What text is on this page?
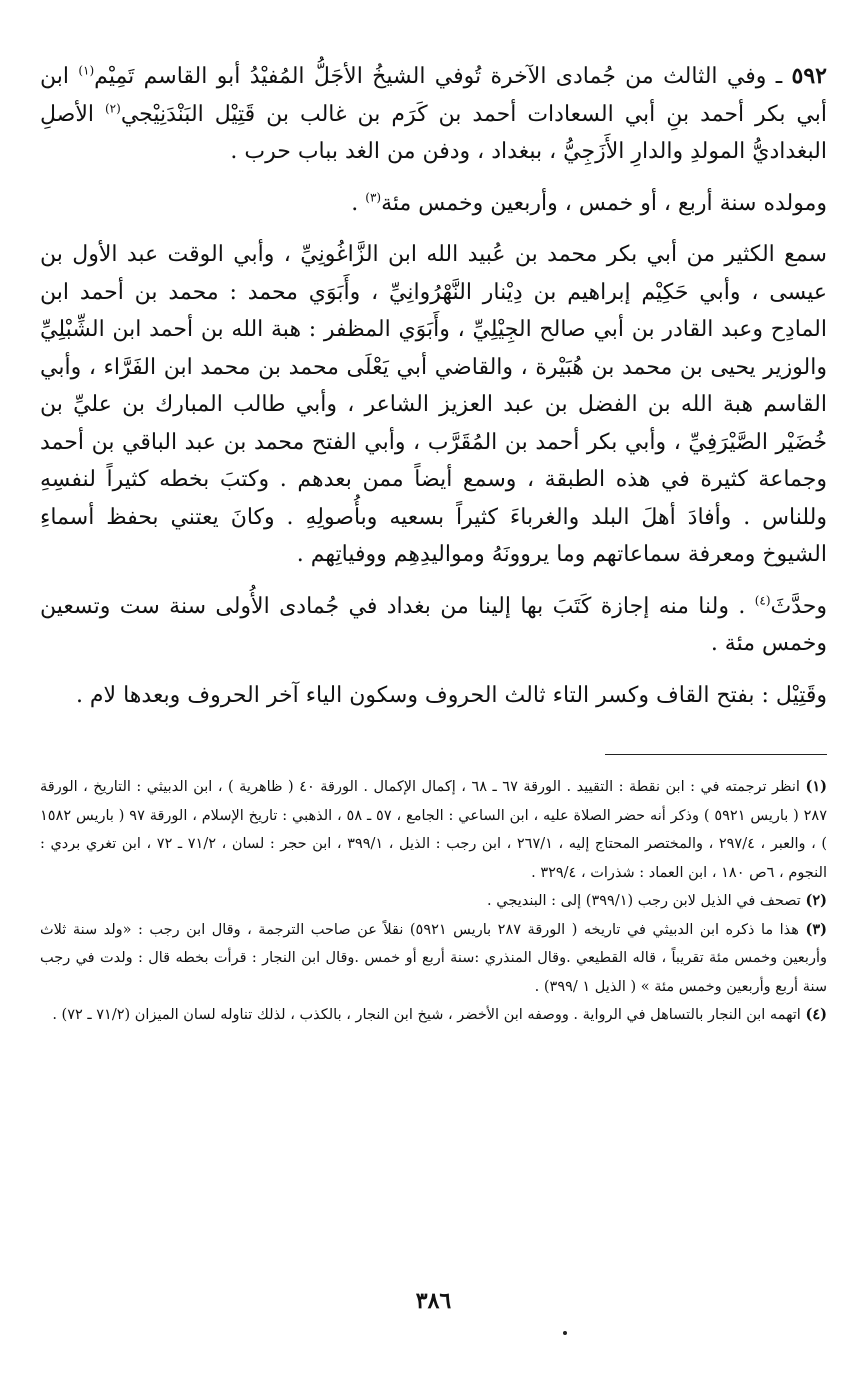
٥٩٢ ـ وفي الثالث من جُمادى الآخرة تُوفي الشيخُ الأجَلُّ المُفيْدُ أبو القاسم تَمِيْم$^{(١)}$ ابن أبي بكر أحمد بنِ أبي السعادات أحمد بن كَرَم بن غالب بن قَتِيْل البَنْدَنِيْجي$^{(٢)}$ الأصلِ البغداديُّ المولدِ والدارِ الأَزَجِيُّ ، ببغداد ، ودفن من الغد بباب حرب .

ومولده سنة أربع ، أو خمس ، وأربعين وخمس مئة$^{(٣)}$ .

سمع الكثير من أبي بكر محمد بن عُبيد الله ابن الزَّاغُونِيِّ ، وأبي الوقت عبد الأول بن عيسى ، وأبي حَكِيْم إبراهيم بن دِيْنار النَّهْرُوانِيِّ ، وأَبَوَي محمد : محمد بن أحمد ابن المادِح وعبد القادر بن أبي صالح الجِيْلِيِّ ، وأَبَوَي المظفر : هبة الله بن أحمد ابن الشِّبْلِيِّ والوزير يحيى بن محمد بن هُبَيْرة ، والقاضي أبي يَعْلَى محمد بن محمد ابن الفَرَّاء ، وأبي القاسم هبة الله بن الفضل بن عبد العزيز الشاعر ، وأبي طالب المبارك بن عليِّ بن خُضَيْر الصَّيْرَفِيِّ ، وأبي بكر أحمد بن المُقَرَّب ، وأبي الفتح محمد بن عبد الباقي بن أحمد وجماعة كثيرة في هذه الطبقة ، وسمع أيضاً ممن بعدهم . وكتبَ بخطه كثيراً لنفسِهِ وللناس . وأفادَ أهلَ البلد والغرباءَ كثيراً بسعيه وبأُصولِهِ . وكانَ يعتني بحفظ أسماءِ الشيوخ ومعرفة سماعاتهم وما يروونَهُ ومواليدِهِم ووفياتِهم .

وحدَّثَ$^{(٤)}$ . ولنا منه إجازة كَتَبَ بها إلينا من بغداد في جُمادى الأُولى سنة ست وتسعين وخمس مئة .

وقَتِيْل : بفتح القاف وكسر التاء ثالث الحروف وسكون الياء آخر الحروف وبعدها لام .

(١) انظر ترجمته في : ابن نقطة : التقييد . الورقة ٦٧ ـ ٦٨ ، إكمال الإكمال . الورقة ٤٠ ( ظاهرية ) ، ابن الدبيثي : التاريخ ، الورقة ٢٨٧ ( باريس ٥٩٢١ ) وذكر أنه حضر الصلاة عليه ، ابن الساعي : الجامع ، ٥٧ ـ ٥٨ ، الذهبي : تاريخ الإسلام ، الورقة ٩٧ ( باريس ١٥٨٢ ) ، والعبر ، ٢٩٧/٤ ، والمختصر المحتاج إليه ، ٢٦٧/١ ، ابن رجب : الذيل ، ٣٩٩/١ ، ابن حجر : لسان ، ٧١/٢ ـ ٧٢ ، ابن تغري بردي : النجوم ، ٦ص ١٨٠ ، ابن العماد : شذرات ، ٣٢٩/٤ .

(٢) تصحف في الذيل لابن رجب (٣٩٩/١) إلى : البنديجي .

(٣) هذا ما ذكره ابن الدبيثي في تاريخه ( الورقة ٢٨٧ باريس ٥٩٢١) نقلاً عن صاحب الترجمة ، وقال ابن رجب : «ولد سنة ثلاث وأربعين وخمس مئة تقريباً ، قاله القطيعي .وقال المنذري :سنة أربع أو خمس .وقال ابن النجار : قرأت بخطه قال : ولدت في رجب سنة أربع وأربعين وخمس مئة » ( الذيل ١ /٣٩٩) .

(٤) اتهمه ابن النجار بالتساهل في الرواية . ووصفه ابن الأخضر ، شيخ ابن النجار ، بالكذب ، لذلك تناوله لسان الميزان (٧١/٢ ـ ٧٢) .

٣٨٦
